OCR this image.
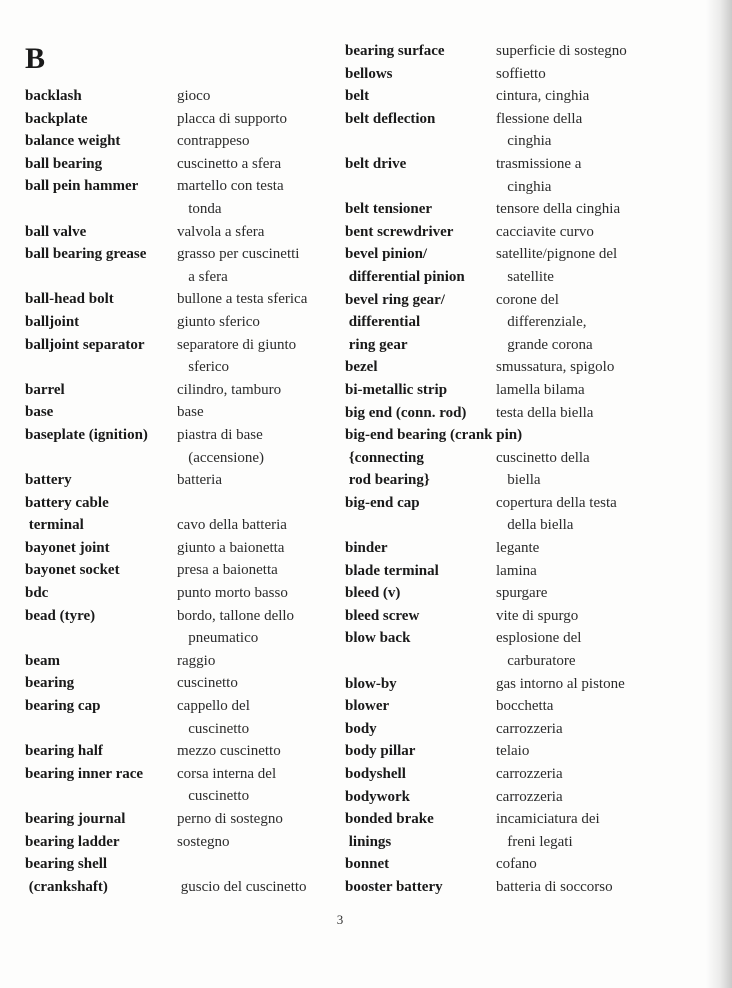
B
backlash	gioco
backplate	placca di supporto
balance weight	contrappeso
ball bearing	cuscinetto a sfera
ball pein hammer	martello con testa
tonda
ball valve	valvola a sfera
ball bearing grease	grasso per cuscinetti
a sfera
ball-head bolt	bullone a testa sferica
balljoint	giunto sferico
balljoint separator	separatore di giunto
sferico
barrel	cilindro, tamburo
base	base
baseplate (ignition)	piastra di base
(accensione)
battery	batteria
battery cable
terminal	cavo della batteria
bayonet joint	giunto a baionetta
bayonet socket	presa a baionetta
bdc	punto morto basso
bead (tyre)	bordo, tallone dello
pneumatico
beam	raggio
bearing	cuscinetto
bearing cap	cappello del
cuscinetto
bearing half	mezzo cuscinetto
bearing inner race	corsa interna del
cuscinetto
bearing journal	perno di sostegno
bearing ladder	sostegno
bearing shell
(crankshaft)	guscio del cuscinetto
bearing surface	superficie di sostegno
bellows	soffietto
belt	cintura, cinghia
belt deflection	flessione della
cinghia
belt drive	trasmissione a
cinghia
belt tensioner	tensore della cinghia
bent screwdriver	cacciavite curvo
bevel pinion/	satellite/pignone del
differential pinion	satellite
bevel ring gear/	corone del
differential	differenziale,
ring gear	grande corona
bezel	smussatura, spigolo
bi-metallic strip	lamella bilama
big end (conn. rod)	testa della biella
big-end bearing (crank pin)
{connecting	cuscinetto della
rod bearing}	biella
big-end cap	copertura della testa
della biella
binder	legante
blade terminal	lamina
bleed (v)	spurgare
bleed screw	vite di spurgo
blow back	esplosione del
carburatore
blow-by	gas intorno al pistone
blower	bocchetta
body	carrozzeria
body pillar	telaio
bodyshell	carrozzeria
bodywork	carrozzeria
bonded brake	incamiciatura dei
linings	freni legati
bonnet	cofano
booster battery	batteria di soccorso
3
